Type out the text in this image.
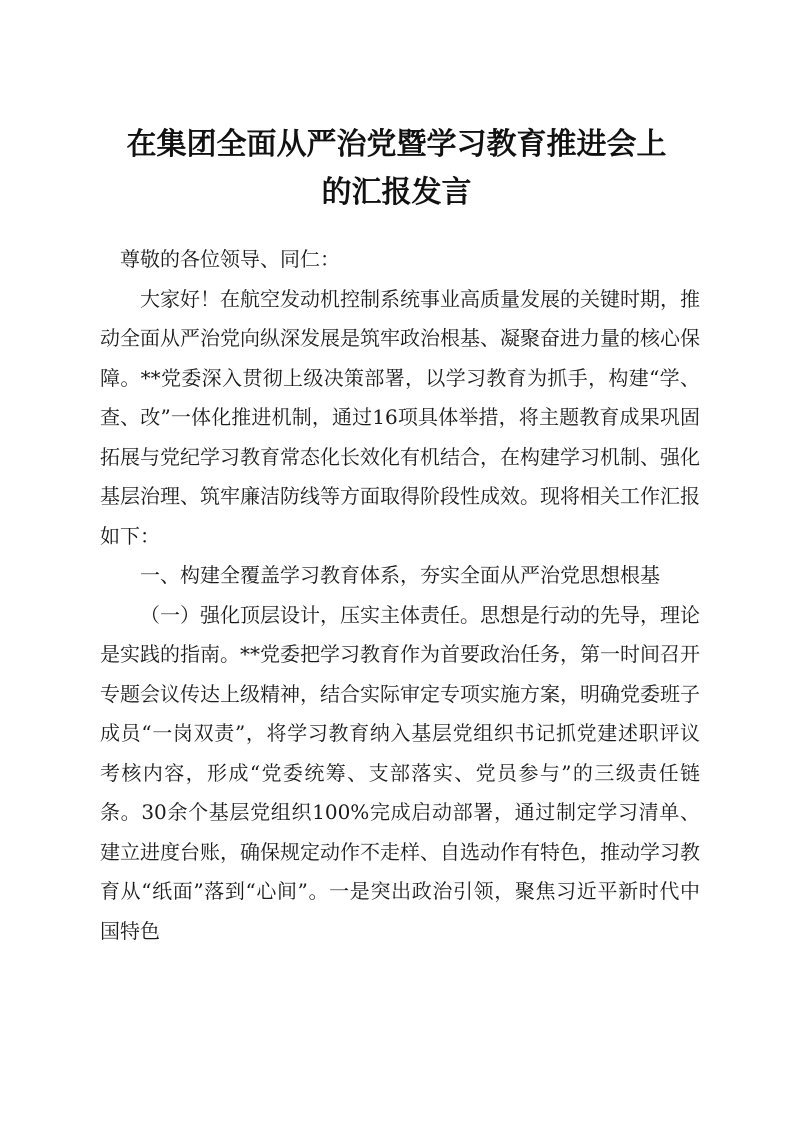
在集团全面从严治党暨学习教育推进会上
的汇报发言

尊敬的各位领导、同仁：

大家好！在航空发动机控制系统事业高质量发展的关键时期，推动全面从严治党向纵深发展是筑牢政治根基、凝聚奋进力量的核心保障。**党委深入贯彻上级决策部署，以学习教育为抓手，构建“学、查、改”一体化推进机制，通过16项具体举措，将主题教育成果巩固拓展与党纪学习教育常态化长效化有机结合，在构建学习机制、强化基层治理、筑牢廉洁防线等方面取得阶段性成效。现将相关工作汇报如下：

一、构建全覆盖学习教育体系，夯实全面从严治党思想根基

（一）强化顶层设计，压实主体责任。思想是行动的先导，理论是实践的指南。**党委把学习教育作为首要政治任务，第一时间召开专题会议传达上级精神，结合实际审定专项实施方案，明确党委班子成员“一岗双责”，将学习教育纳入基层党组织书记抓党建述职评议考核内容，形成“党委统筹、支部落实、党员参与”的三级责任链条。30余个基层党组织100%完成启动部署，通过制定学习清单、建立进度台账，确保规定动作不走样、自选动作有特色，推动学习教育从“纸面”落到“心间”。一是突出政治引领，聚焦习近平新时代中国特色
